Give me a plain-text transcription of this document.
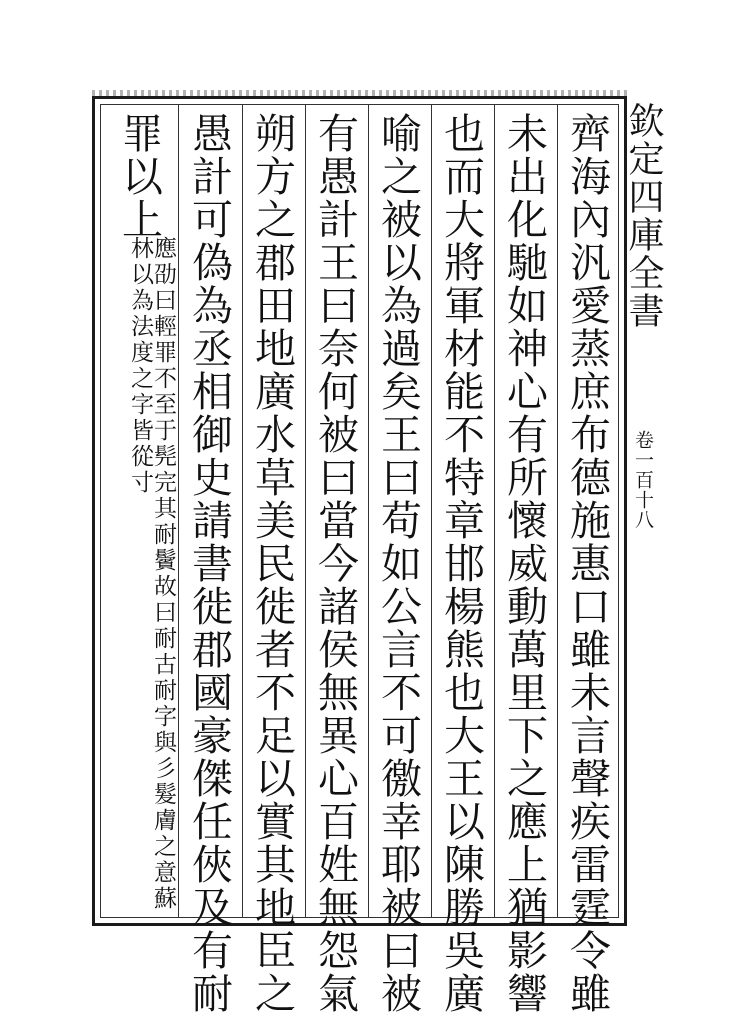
欽定四庫全書
卷一百十八
齊海內汎愛蒸庶布德施惠口雖未言聲疾雷霆令雖
未出化馳如神心有所懷威動萬里下之應上猶影響
也而大將軍材能不特章邯楊熊也大王以陳勝吳廣
喻之被以為過矣王曰苟如公言不可徼幸耶被曰被
有愚計王曰奈何被曰當今諸侯無異心百姓無怨氣
朔方之郡田地廣水草美民徙者不足以實其地臣之
愚計可偽為丞相御史請書徙郡國豪傑任俠及有耐
罪以上
應劭曰輕罪不至于髡完其耐鬢故曰耐古耐字與彡髮膚之意蘇林以為法度之字皆從寸
